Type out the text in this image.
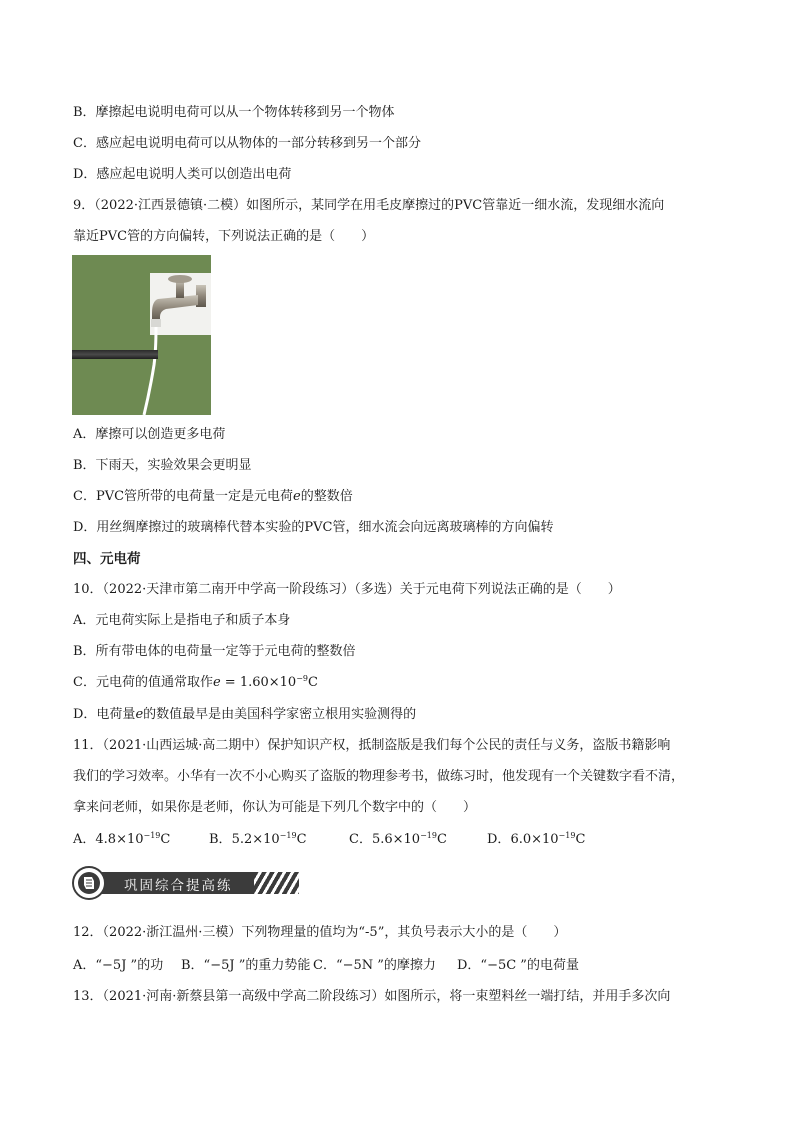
B．摩擦起电说明电荷可以从一个物体转移到另一个物体
C．感应起电说明电荷可以从物体的一部分转移到另一个部分
D．感应起电说明人类可以创造出电荷
9．（2022·江西景德镇·二模）如图所示，某同学在用毛皮摩擦过的PVC管靠近一细水流，发现细水流向
靠近PVC管的方向偏转，下列说法正确的是（　　）
A．摩擦可以创造更多电荷
B．下雨天，实验效果会更明显
C．PVC管所带的电荷量一定是元电荷e的整数倍
D．用丝绸摩擦过的玻璃棒代替本实验的PVC管，细水流会向远离玻璃棒的方向偏转
四、元电荷
10．（2022·天津市第二南开中学高一阶段练习）（多选）关于元电荷下列说法正确的是（　　）
A．元电荷实际上是指电子和质子本身
B．所有带电体的电荷量一定等于元电荷的整数倍
C．元电荷的值通常取作$e = 1.60\times 10^{-9}C$
D．电荷量e的数值最早是由美国科学家密立根用实验测得的
11．（2021·山西运城·高二期中）保护知识产权，抵制盗版是我们每个公民的责任与义务，盗版书籍影响
我们的学习效率。小华有一次不小心购买了盗版的物理参考书，做练习时，他发现有一个关键数字看不清，
拿来问老师，如果你是老师，你认为可能是下列几个数字中的（　　）
A．$4.8\times 10^{-19}C$	B．$5.2\times 10^{-19}C$	C．$5.6\times 10^{-19}C$	D．$6.0\times 10^{-19}C$
巩固综合提高练
12．（2022·浙江温州·三模）下列物理量的值均为“-5”，其负号表示大小的是（　　）
A．“−5J ”的功 B．“−5J ”的重力势能 C．“−5N ”的摩擦力 D．“−5C ”的电荷量
13．（2021·河南·新蔡县第一高级中学高二阶段练习）如图所示，将一束塑料丝一端打结，并用手多次向
